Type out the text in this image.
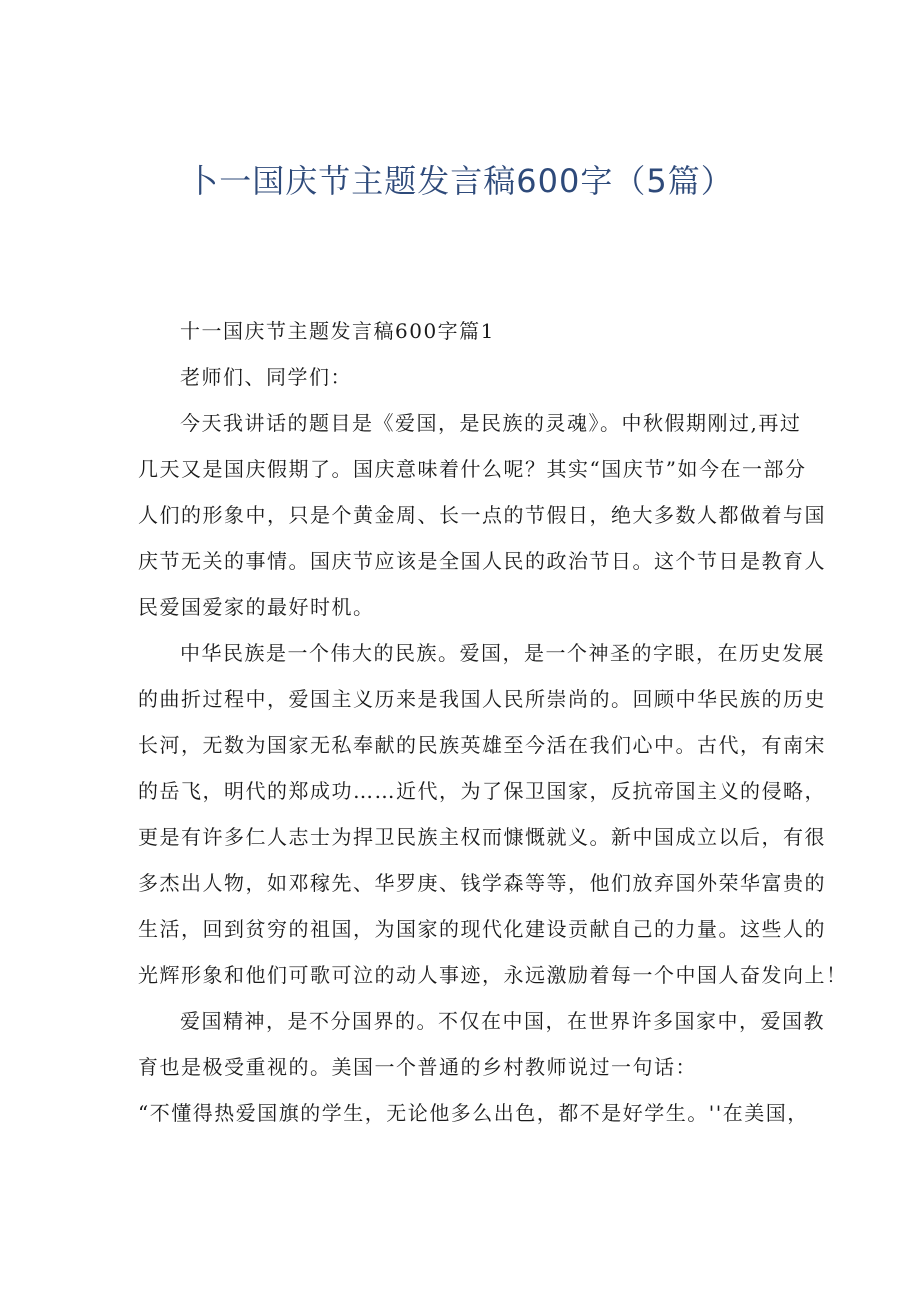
卜一国庆节主题发言稿600字（5篇）
十一国庆节主题发言稿600字篇1
老师们、同学们：
今天我讲话的题目是《爱国，是民族的灵魂》。中秋假期刚过,再过
几天又是国庆假期了。国庆意味着什么呢？其实“国庆节”如今在一部分
人们的形象中，只是个黄金周、长一点的节假日，绝大多数人都做着与国
庆节无关的事情。国庆节应该是全国人民的政治节日。这个节日是教育人
民爱国爱家的最好时机。
中华民族是一个伟大的民族。爱国，是一个神圣的字眼，在历史发展
的曲折过程中，爱国主义历来是我国人民所崇尚的。回顾中华民族的历史
长河，无数为国家无私奉献的民族英雄至今活在我们心中。古代，有南宋
的岳飞，明代的郑成功……近代，为了保卫国家，反抗帝国主义的侵略，
更是有许多仁人志士为捍卫民族主权而慷慨就义。新中国成立以后，有很
多杰出人物，如邓稼先、华罗庚、钱学森等等，他们放弃国外荣华富贵的
生活，回到贫穷的祖国，为国家的现代化建设贡献自己的力量。这些人的
光辉形象和他们可歌可泣的动人事迹，永远激励着每一个中国人奋发向上！
爱国精神，是不分国界的。不仅在中国，在世界许多国家中，爱国教
育也是极受重视的。美国一个普通的乡村教师说过一句话：
“不懂得热爱国旗的学生，无论他多么出色，都不是好学生。''在美国，
